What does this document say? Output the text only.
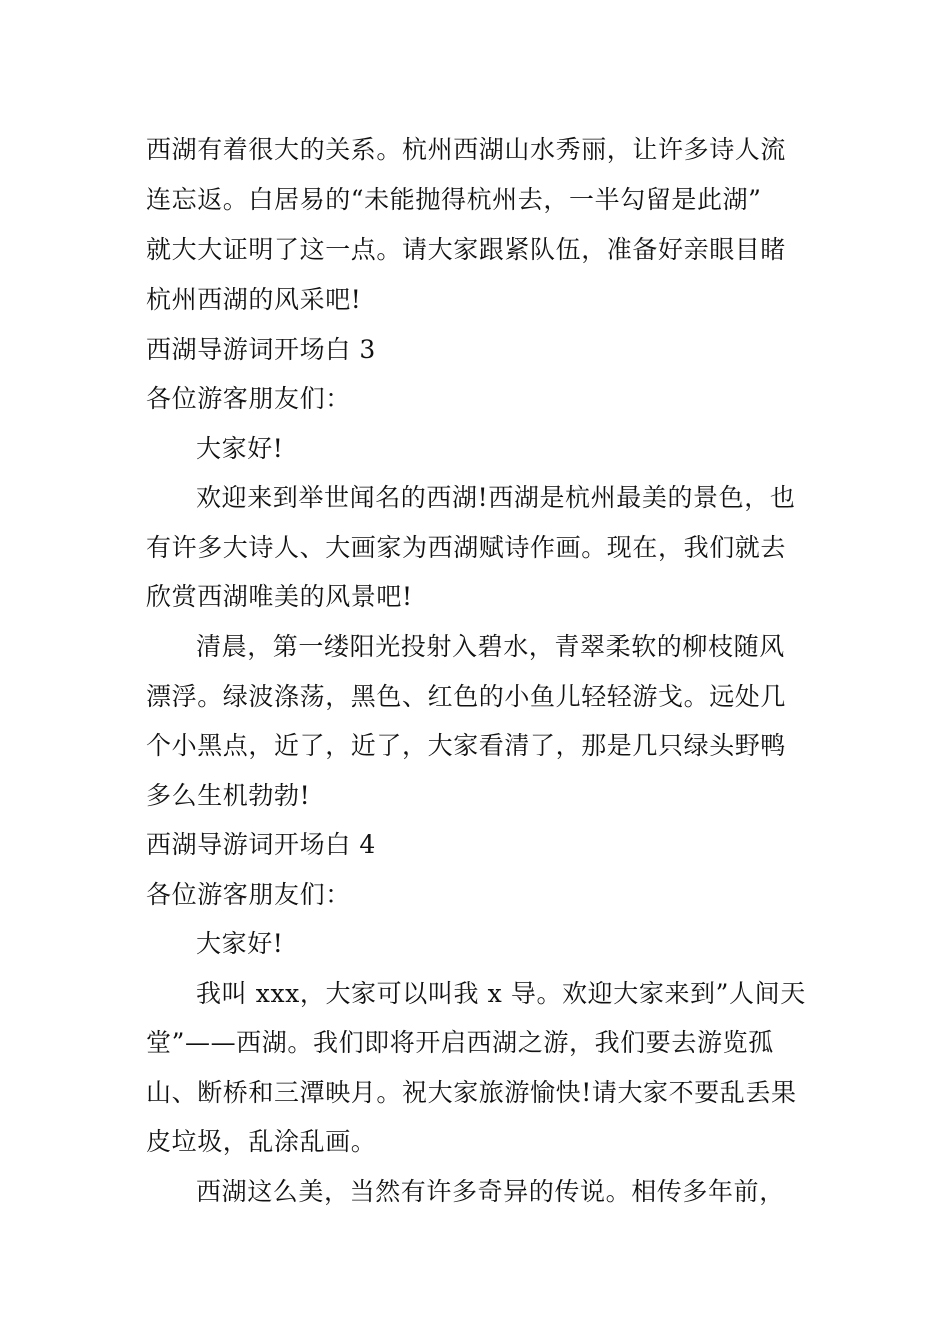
西湖有着很大的关系。杭州西湖山水秀丽，让许多诗人流
连忘返。白居易的“未能抛得杭州去，一半勾留是此湖”
就大大证明了这一点。请大家跟紧队伍，准备好亲眼目睹
杭州西湖的风采吧!
西湖导游词开场白 3
各位游客朋友们：
大家好!
欢迎来到举世闻名的西湖!西湖是杭州最美的景色，也
有许多大诗人、大画家为西湖赋诗作画。现在，我们就去
欣赏西湖唯美的风景吧!
清晨，第一缕阳光投射入碧水，青翠柔软的柳枝随风
漂浮。绿波涤荡，黑色、红色的小鱼儿轻轻游戈。远处几
个小黑点，近了，近了，大家看清了，那是几只绿头野鸭
多么生机勃勃!
西湖导游词开场白 4
各位游客朋友们：
大家好!
我叫 xxx，大家可以叫我 x 导。欢迎大家来到”人间天
堂”——西湖。我们即将开启西湖之游，我们要去游览孤
山、断桥和三潭映月。祝大家旅游愉快!请大家不要乱丢果
皮垃圾，乱涂乱画。
西湖这么美，当然有许多奇异的传说。相传多年前，
